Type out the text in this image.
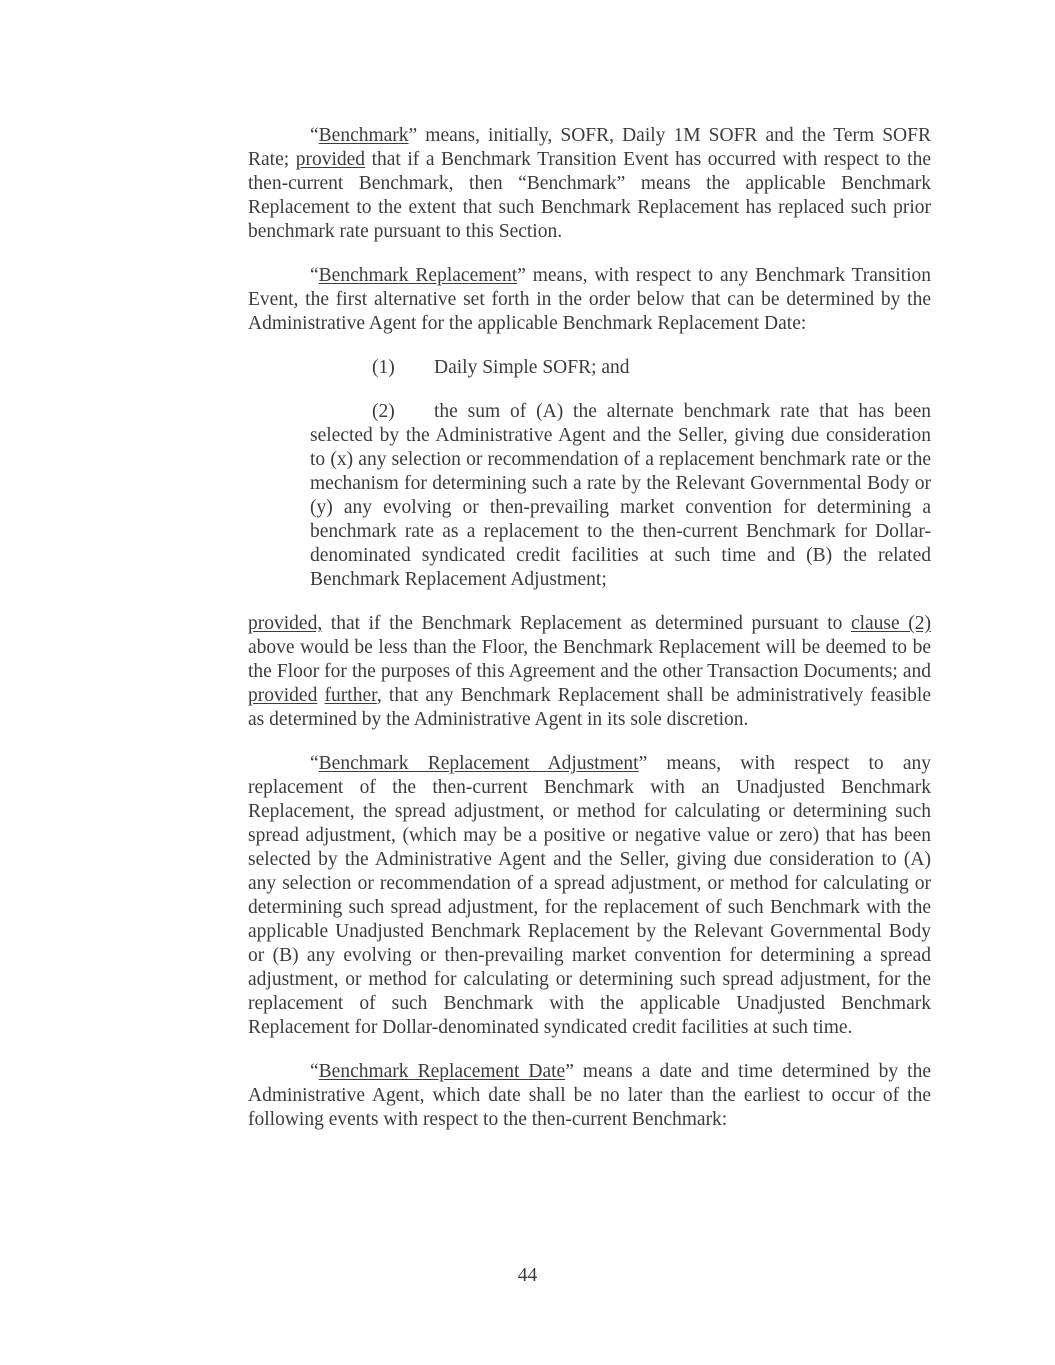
“Benchmark” means, initially, SOFR, Daily 1M SOFR and the Term SOFR Rate; provided that if a Benchmark Transition Event has occurred with respect to the then-current Benchmark, then “Benchmark” means the applicable Benchmark Replacement to the extent that such Benchmark Replacement has replaced such prior benchmark rate pursuant to this Section.

“Benchmark Replacement” means, with respect to any Benchmark Transition Event, the first alternative set forth in the order below that can be determined by the Administrative Agent for the applicable Benchmark Replacement Date:

(1) Daily Simple SOFR; and

(2) the sum of (A) the alternate benchmark rate that has been selected by the Administrative Agent and the Seller, giving due consideration to (x) any selection or recommendation of a replacement benchmark rate or the mechanism for determining such a rate by the Relevant Governmental Body or (y) any evolving or then-prevailing market convention for determining a benchmark rate as a replacement to the then-current Benchmark for Dollar-denominated syndicated credit facilities at such time and (B) the related Benchmark Replacement Adjustment;

provided, that if the Benchmark Replacement as determined pursuant to clause (2) above would be less than the Floor, the Benchmark Replacement will be deemed to be the Floor for the purposes of this Agreement and the other Transaction Documents; and provided further, that any Benchmark Replacement shall be administratively feasible as determined by the Administrative Agent in its sole discretion.

“Benchmark Replacement Adjustment” means, with respect to any replacement of the then-current Benchmark with an Unadjusted Benchmark Replacement, the spread adjustment, or method for calculating or determining such spread adjustment, (which may be a positive or negative value or zero) that has been selected by the Administrative Agent and the Seller, giving due consideration to (A) any selection or recommendation of a spread adjustment, or method for calculating or determining such spread adjustment, for the replacement of such Benchmark with the applicable Unadjusted Benchmark Replacement by the Relevant Governmental Body or (B) any evolving or then-prevailing market convention for determining a spread adjustment, or method for calculating or determining such spread adjustment, for the replacement of such Benchmark with the applicable Unadjusted Benchmark Replacement for Dollar-denominated syndicated credit facilities at such time.

“Benchmark Replacement Date” means a date and time determined by the Administrative Agent, which date shall be no later than the earliest to occur of the following events with respect to the then-current Benchmark:

44
